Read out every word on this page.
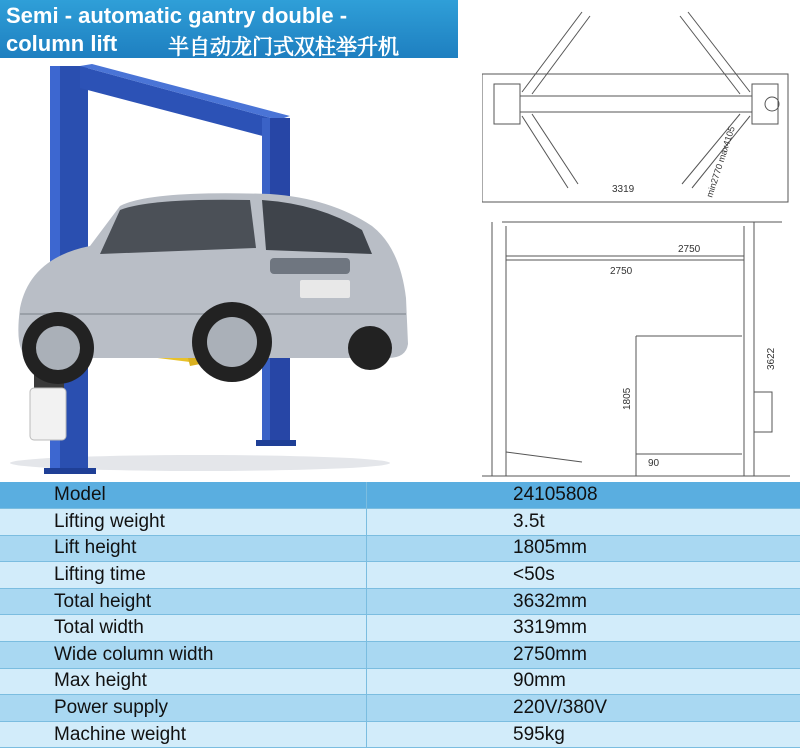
Semi - automatic gantry double -
column lift 半自动龙门式双柱举升机
3319	min2770 max4105
2750
2750
3622
1805
90
Model	24105808
Lifting weight	3.5t
Lift height	1805mm
Lifting time	<50s
Total height	3632mm
Total width	3319mm
Wide column width	2750mm
Max height	90mm
Power supply	220V/380V
Machine weight	595kg
